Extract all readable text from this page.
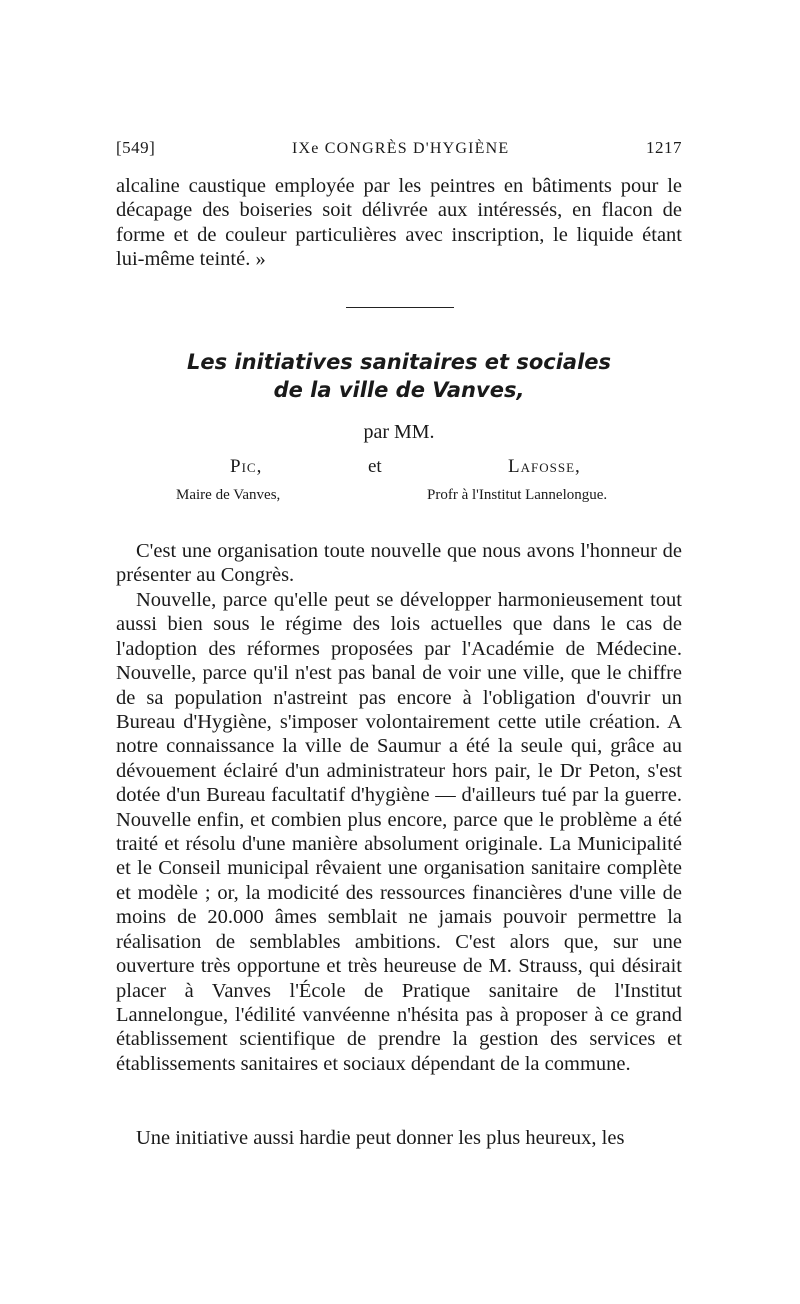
[549]	IXe CONGRÈS D'HYGIÈNE	1217

alcaline caustique employée par les peintres en bâtiments pour le décapage des boiseries soit délivrée aux intéressés, en flacon de forme et de couleur particulières avec inscription, le liquide étant lui-même teinté. »

Les initiatives sanitaires et sociales
de la ville de Vanves,
par MM.
Pic,	et	Lafosse,
Maire de Vanves,	Profr à l'Institut Lannelongue.

C'est une organisation toute nouvelle que nous avons l'honneur de présenter au Congrès.

Nouvelle, parce qu'elle peut se développer harmonieusement tout aussi bien sous le régime des lois actuelles que dans le cas de l'adoption des réformes proposées par l'Académie de Médecine. Nouvelle, parce qu'il n'est pas banal de voir une ville, que le chiffre de sa population n'astreint pas encore à l'obligation d'ouvrir un Bureau d'Hygiène, s'imposer volontairement cette utile création. A notre connaissance la ville de Saumur a été la seule qui, grâce au dévouement éclairé d'un administrateur hors pair, le Dr Peton, s'est dotée d'un Bureau facultatif d'hygiène — d'ailleurs tué par la guerre. Nouvelle enfin, et combien plus encore, parce que le problème a été traité et résolu d'une manière absolument originale. La Municipalité et le Conseil municipal rêvaient une organisation sanitaire complète et modèle ; or, la modicité des ressources financières d'une ville de moins de 20.000 âmes semblait ne jamais pouvoir permettre la réalisation de semblables ambitions. C'est alors que, sur une ouverture très opportune et très heureuse de M. Strauss, qui désirait placer à Vanves l'École de Pratique sanitaire de l'Institut Lannelongue, l'édilité vanvéenne n'hésita pas à proposer à ce grand établissement scientifique de prendre la gestion des services et établissements sanitaires et sociaux dépendant de la commune.

Une initiative aussi hardie peut donner les plus heureux, les
